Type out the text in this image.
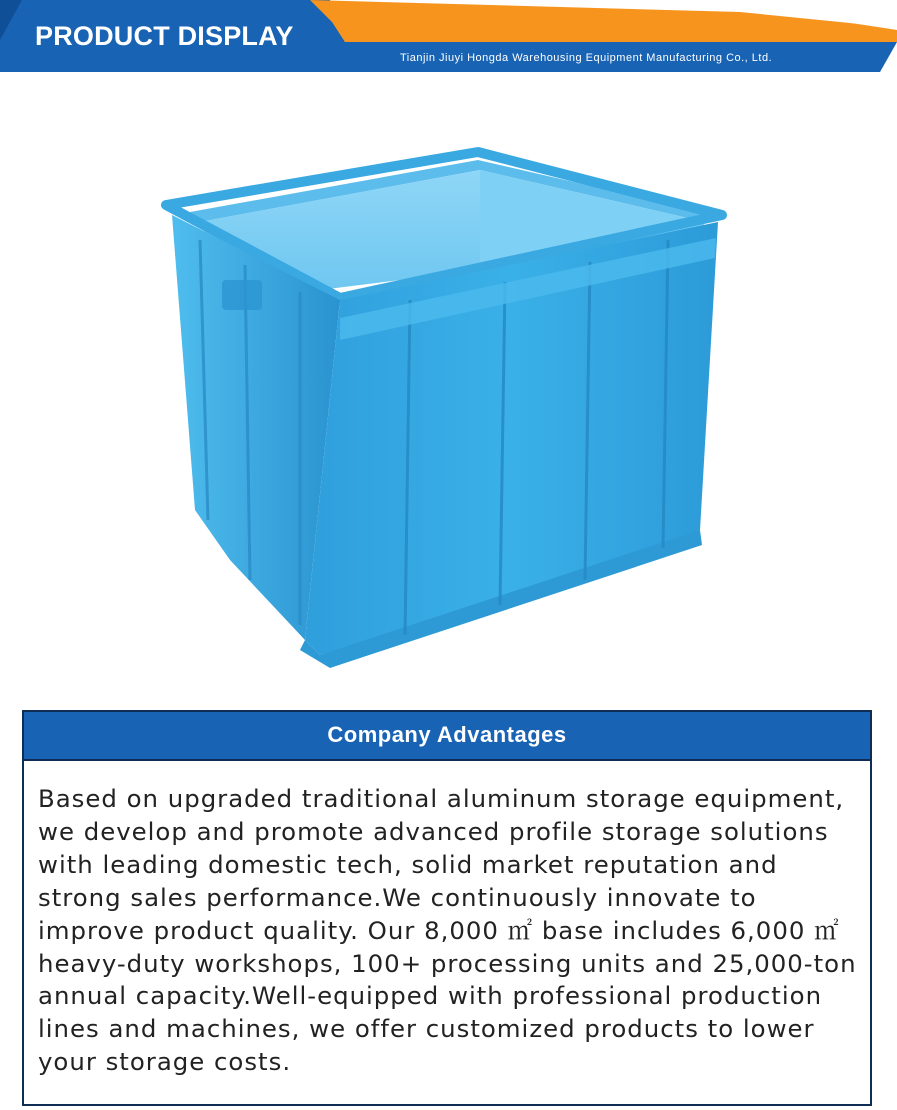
PRODUCT DISPLAY
Tianjin Jiuyi Hongda Warehousing Equipment Manufacturing Co., Ltd.
Company Advantages
Based on upgraded traditional aluminum storage equipment, we develop and promote advanced profile storage solutions with leading domestic tech, solid market reputation and strong sales performance.We continuously innovate to improve product quality. Our 8,000 ㎡ base includes 6,000 ㎡ heavy-duty workshops, 100+ processing units and 25,000-ton annual capacity.Well-equipped with professional production lines and machines, we offer customized products to lower your storage costs.
